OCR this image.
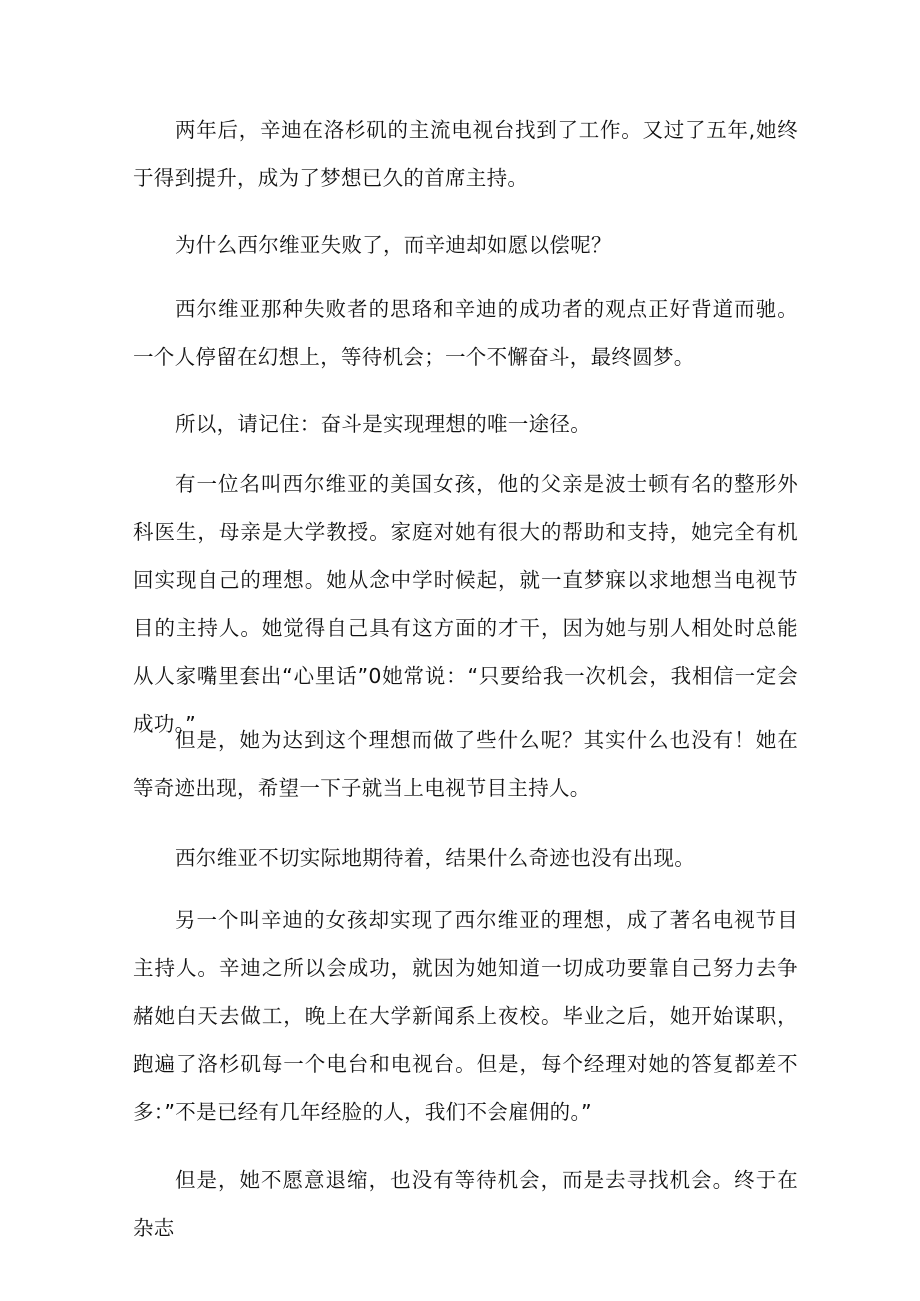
两年后，辛迪在洛杉矶的主流电视台找到了工作。又过了五年,她终于得到提升，成为了梦想已久的首席主持。

为什么西尔维亚失败了，而辛迪却如愿以偿呢？

西尔维亚那种失败者的思珞和辛迪的成功者的观点正好背道而驰。一个人停留在幻想上，等待机会；一个不懈奋斗，最终圆梦。

所以，请记住：奋斗是实现理想的唯一途径。

有一位名叫西尔维亚的美国女孩，他的父亲是波士顿有名的整形外科医生，母亲是大学教授。家庭对她有很大的帮助和支持，她完全有机回实现自己的理想。她从念中学时候起，就一直梦寐以求地想当电视节目的主持人。她觉得自己具有这方面的才干，因为她与别人相处时总能从人家嘴里套出“心里话”0她常说：“只要给我一次机会，我相信一定会成功。”

但是，她为达到这个理想而做了些什么呢？其实什么也没有！她在等奇迹出现，希望一下子就当上电视节目主持人。

西尔维亚不切实际地期待着，结果什么奇迹也没有出现。

另一个叫辛迪的女孩却实现了西尔维亚的理想，成了著名电视节目主持人。辛迪之所以会成功，就因为她知道一切成功要靠自己努力去争赭她白天去做工，晚上在大学新闻系上夜校。毕业之后，她开始谋职，跑遍了洛杉矶每一个电台和电视台。但是，每个经理对她的答复都差不多：”不是已经有几年经脸的人，我们不会雇佣的。”

但是，她不愿意退缩，也没有等待机会，而是去寻找机会。终于在杂志
